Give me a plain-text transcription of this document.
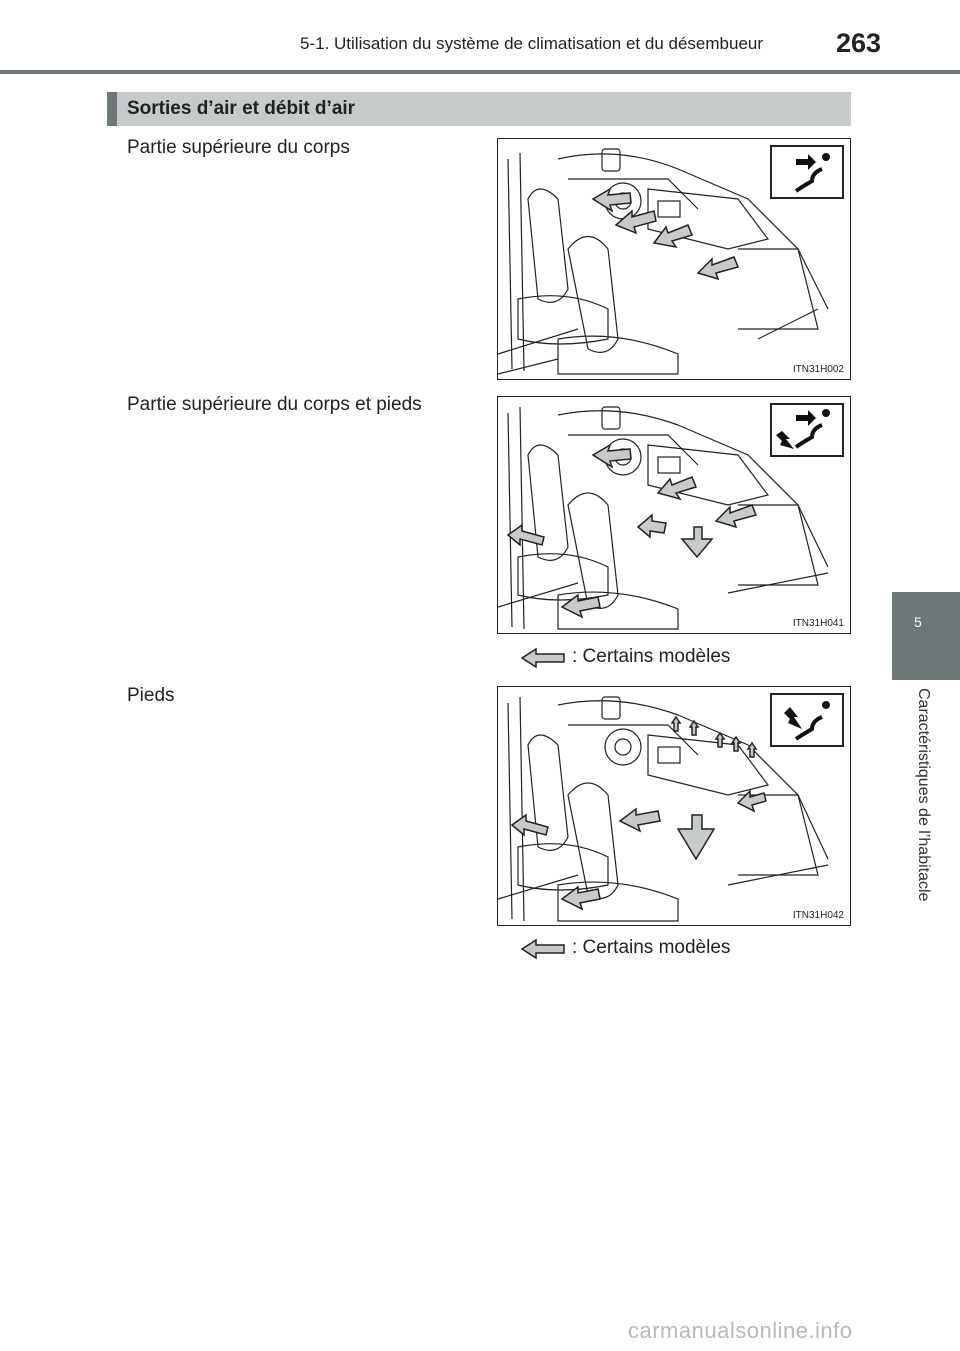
5-1. Utilisation du système de climatisation et du désembueur	263
5
Caractéristiques de l’habitacle
Sorties d’air et débit d’air
Partie supérieure du corps
ITN31H002
Partie supérieure du corps et pieds
ITN31H041
: Certains modèles
Pieds
ITN31H042
: Certains modèles
carmanualsonline.info
